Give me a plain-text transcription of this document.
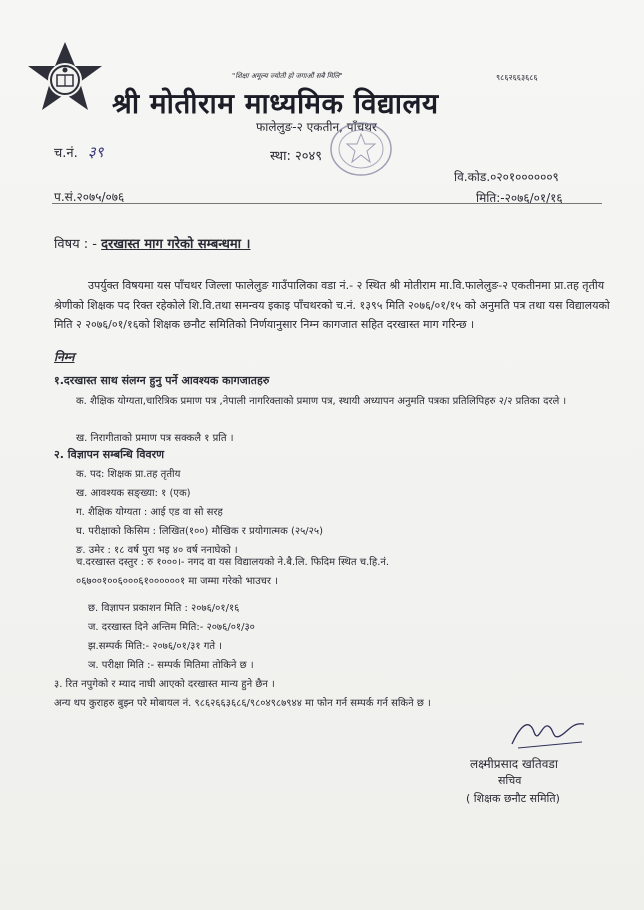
"शिक्षा अमूल्य ज्योती हो जगाऔं सबै मिलि"	९८६२६६३६८६
श्री मोतीराम माध्यमिक विद्यालय
फालेलुङ-२ एकतीन, पाँचथर
च.नं. ३९	स्था: २०४९
वि.कोड.०२०१००००००९
प.सं.२०७५/०७६	मिति:-२०७६/०१/१६
विषय : - दरखास्त माग गरेको सम्बन्धमा ।
उपर्युक्त विषयमा यस पाँचथर जिल्ला फालेलुङ गाउँपालिका वडा नं.- २ स्थित श्री मोतीराम मा.वि.फालेलुङ-२ एकतीनमा प्रा.तह तृतीय श्रेणीको शिक्षक पद रिक्त रहेकोले शि.वि.तथा समन्वय इकाइ पाँचथरको च.नं. १३९५ मिति २०७६/०१/१५ को अनुमति पत्र तथा यस विद्यालयको मिति २ २०७६/०१/१६को शिक्षक छनौट समितिको निर्णयानुसार निम्न कागजात सहित दरखास्त माग गरिन्छ ।
निम्न
१.दरखास्त साथ संलग्न हुनु पर्ने आवश्यक कागजातहरु
क. शैक्षिक योग्यता,चारित्रिक प्रमाण पत्र ,नेपाली नागरिक्ताको प्रमाण पत्र, स्थायी अध्यापन अनुमति पत्रका प्रतिलिपिहरु २/२ प्रतिका दरले ।
ख. निरागीताको प्रमाण पत्र सक्कलै १ प्रति ।
२. विज्ञापन सम्बन्धि विवरण
क. पद: शिक्षक प्रा.तह तृतीय
ख. आवश्यक सङ्ख्या: १ (एक)
ग. शैक्षिक योग्यता : आई एड वा सो सरह
घ. परीक्षाको किसिम : लिखित(१००) मौखिक र प्रयोगात्मक (२५/२५)
ङ. उमेर : १८ वर्ष पुरा भइ ४० वर्ष ननाघेको ।
च.दरखास्त दस्तुर : रु १०००।- नगद वा यस विद्यालयको ने.बै.लि. फिदिम स्थित च.हि.नं. ०६७००१००६०००६१००००००१ मा जम्मा गरेको भाउचर ।
छ. विज्ञापन प्रकाशन मिति : २०७६/०१/१६
ज. दरखास्त दिने अन्तिम मिति:- २०७६/०१/३०
झ.सम्पर्क मिति:- २०७६/०१/३१ गते ।
ञ. परीक्षा मिति :- सम्पर्क मितिमा तोकिने छ ।
३. रित नपुगेको र म्याद नाघी आएको दरखास्त मान्य हुने छैन ।
अन्य थप कुराहरु बुझ्न परे मोबायल नं. ९८६२६६३६८६/९८०४९८७९४४ मा फोन गर्न सम्पर्क गर्न सकिने छ ।
लक्ष्मीप्रसाद खतिवडा
सचिव
( शिक्षक छनौट समिति)
